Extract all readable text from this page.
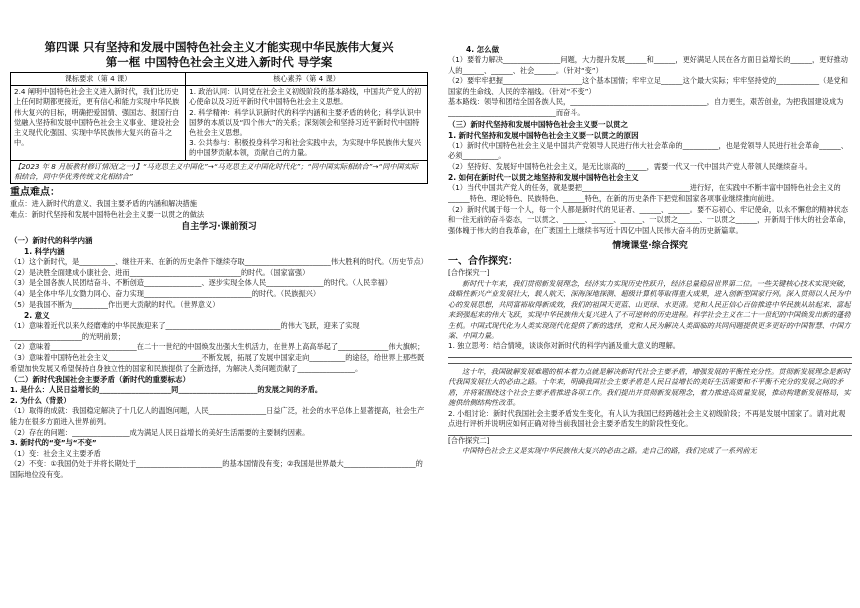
第四课 只有坚持和发展中国特色社会主义才能实现中华民族伟大复兴
第一框 中国特色社会主义进入新时代 导学案
课标要求（第 4 课）	核心素养（第 4 课）
2.4 阐明中国特色社会主义进入新时代，我们比历史上任何时期都更接近，更有信心和能力实现中华民族伟大复兴的目标，明确把爱国情、强国志、报国行自觉融入坚持和发展中国特色社会主义事业、建设社会主义现代化强国、实现中华民族伟大复兴的奋斗之中。	1. 政治认同：认同党在社会主义初级阶段的基本路线，中国共产党人的初心使命以及习近平新时代中国特色社会主义思想。
2. 科学精神：科学认识新时代的科学内涵和主要矛盾的转化；科学认识中国梦的本质以及“四个伟大”的关系；深刻领会和坚持习近平新时代中国特色社会主义思想。
3. 公共参与：积极投身科学习和社会实践中去，为实现中华民族伟大复兴的中国梦贡献本领，贡献自己的力量。

【2023 年 8 月版教材修订情况(之一)】“马克思主义中国化”→“马克思主义中国化时代化”；“同中国实际相结合”→“同中国实际相结合，同中华优秀传统文化相结合”	
重点难点：

重点：进入新时代的意义、我国主要矛盾的内涵和解决措施

难点：新时代坚持和发展中国特色社会主义要一以贯之的做法

自主学习·课前预习

（一）新时代的科学内涵

1. 科学内涵

（1）这个新时代，是__________、继往开来、在新的历史条件下继续夺取________________________伟大胜利的时代。（历史节点）

（2）是决胜全面建成小康社会、进而_______________________________的时代。（国家富强）

（3）是全国各族人民团结奋斗、不断创造________________、逐步实现全体人民________________的时代。（人民幸福）

（4）是全体中华儿女勠力同心、奋力实现______________________________的时代。（民族振兴）

（5）是我国不断为__________作出更大贡献的时代。（世界意义）

2. 意义

（1）意味着近代以来久经磨难的中华民族迎来了________________________________的伟大飞跃，迎来了实现____________________的光明前景；

（2）意味着________________________在二十一世纪的中国焕发出强大生机活力，在世界上高高举起了______________伟大旗帜；

（3）意味着中国特色社会主义__________________________不断发展，拓展了发展中国家走向__________的途径，给世界上那些既希望加快发展又希望保持自身独立性的国家和民族提供了全新选择，为解决人类问题贡献了________________。

（二）新时代我国社会主要矛盾（新时代的重要标志）

1. 是什么：人民日益增长的____________________同______________________的发展之间的矛盾。

2. 为什么（背景）

（1）取得的成就：我国稳定解决了十几亿人的温饱问题，人民________________日益广泛，社会的水平总体上显著提高，社会生产能力在很多方面进入世界前列。

（2）存在的问题：________________成为满足人民日益增长的美好生活需要的主要制约因素。

3. 新时代的“变”与“不变”

（1）变：社会主义主要矛盾

（2）不变：①我国仍处于并将长期处于________________________的基本国情没有变；②我国是世界最大____________________的国际地位没有变。

4. 怎么做

（1）要着力解决________________问题，大力提升发展______和______，更好满足人民在各方面日益增长的______，更好推动人的______、______、社会______。（针对“变”）

（2）要牢牢把握______________________这个基本国情；牢牢立足______这个最大实际；牢牢坚持党的____________（是党和国家的生命线、人民的幸福线。（针对“不变”）

基本路线：领导和团结全国各族人民，______________________________________，自力更生，艰苦创业，为把我国建设成为______________________________而奋斗。

（三）新时代坚持和发展中国特色社会主义要一以贯之

1. 新时代坚持和发展中国特色社会主义要一以贯之的原因

（1）新时代中国特色社会主义是中国共产党领导人民进行伟大社会革命的__________，也是党领导人民进行社会革命______、必须__________。

（2）坚持好、发展好中国特色社会主义，是无比崇高的______，需要一代又一代中国共产党人带领人民继续奋斗。

2. 如何在新时代一以贯之地坚持和发展中国特色社会主义

（1）当代中国共产党人的任务，就是要把______________________________进行好，在实践中不断丰富中国特色社会主义的______特色、理论特色、民族特色、______特色，在新的历史条件下把党和国家各项事业继续推向前进。

（2）新时代属于每一个人，每一个人都是新时代的见证者、______、______。要不忘初心、牢记使命，以永不懈怠的精神状态和一往无前的奋斗姿态，一以贯之、______、______、______、一以贯之______、一以贯之______，开新局于伟大的社会革命，强体魄于伟大的自我革命，在广袤国土上继续书写近十四亿中国人民伟大奋斗的历史新篇章。

情境课堂·综合探究
一、合作探究：

[合作探究一]

新时代十年来，我们贯彻新发展理念，经济实力实现历史性跃升，经济总量稳居世界第二位。一些关键核心技术实现突破，战略性新兴产业发展壮大，载人航天、深海深地探测、超级计算机等取得重大成果，进入创新型国家行列。深入贯彻以人民为中心的发展思想，共同富裕取得新成效，我们的祖国天更蓝、山更绿、水更清。党和人民正信心百倍推进中华民族从站起来、富起来到强起来的伟大飞跃，实现中华民族伟大复兴进入了不可逆转的历史进程。科学社会主义在二十一世纪的中国焕发出新的蓬勃生机。中国式现代化为人类实现现代化提供了新的选择，党和人民为解决人类面临的共同问题提供更多更好的中国智慧、中国方案、中国力量。

1. 独立思考：结合情境，谈谈你对新时代的科学内涵及重大意义的理解。

这十年，我国破解发展难题的根本着力点就是解决新时代社会主要矛盾，增强发展的平衡性充分性。贯彻新发展理念是新时代我国发展壮大的必由之路。十年来，明确我国社会主要矛盾是人民日益增长的美好生活需要和不平衡不充分的发展之间的矛盾，并将紧围绕这个社会主要矛盾推进各项工作。我们提出并贯彻新发展理念，着力推进高质量发展，推动构建新发展格局，实施供给侧结构性改革。

2. 小组讨论：新时代我国社会主要矛盾发生变化，有人认为我国已经跨越社会主义初级阶段；不再是发展中国家了。请对此观点进行评析并说明应如何正确对待当前我国社会主要矛盾发生的阶段性变化。

[合作探究二]

中国特色社会主义是实现中华民族伟大复兴的必由之路。走自己的路，我们完成了一系列前无
